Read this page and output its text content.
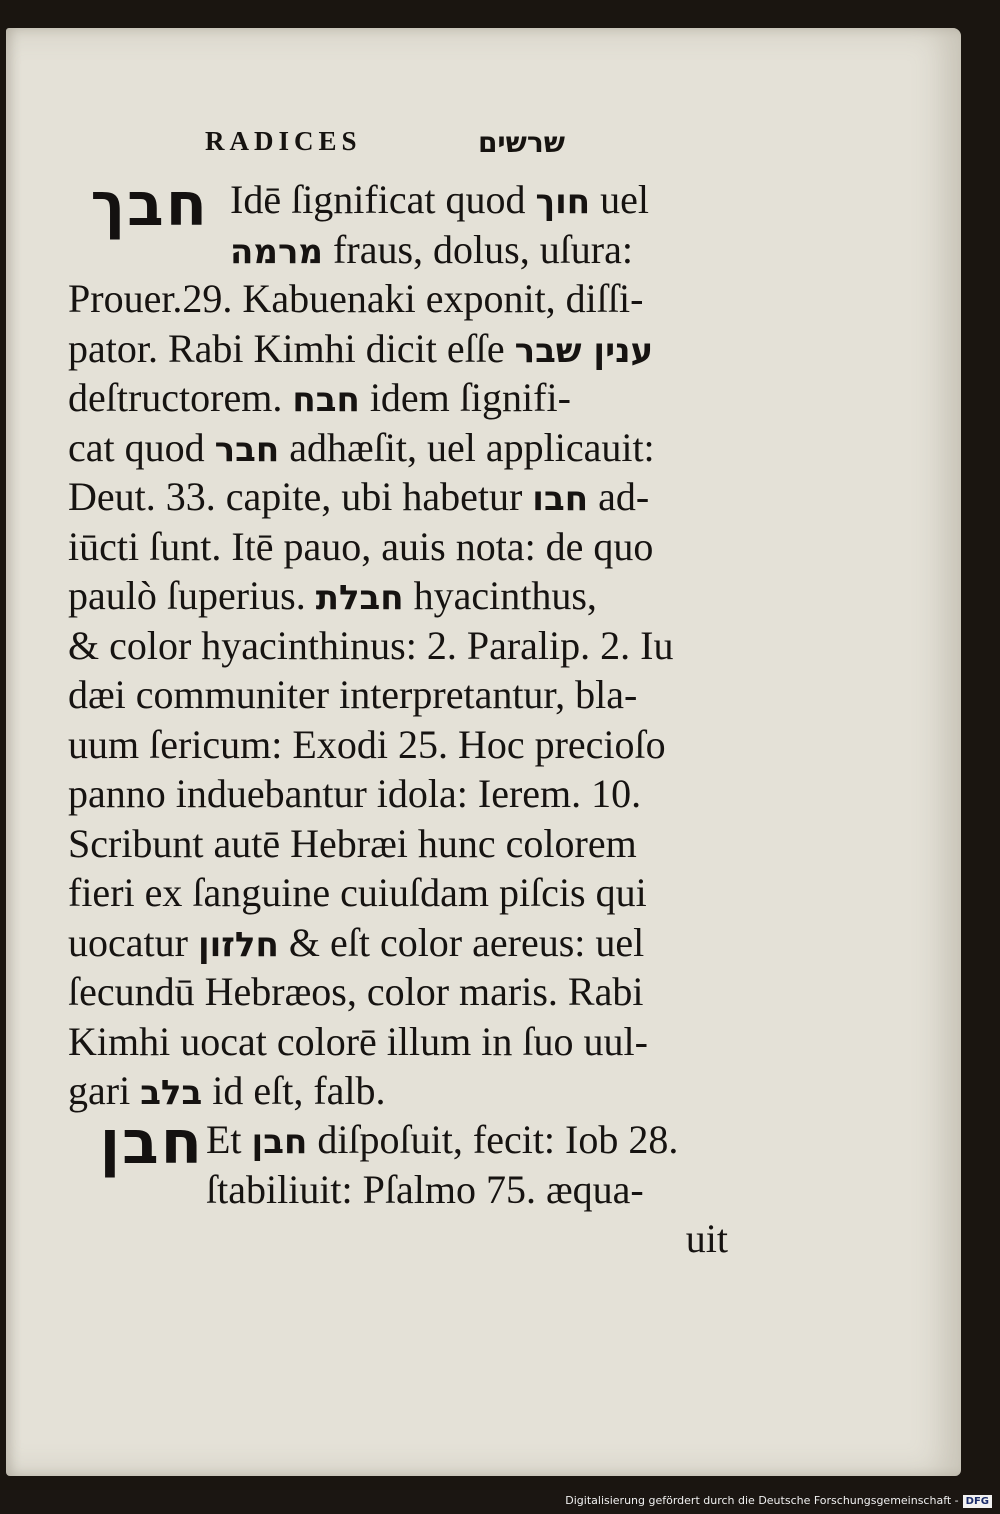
RADICES	שרשים
חבך
חבן
Idē ſignificat quod חוך uel
מרמה fraus, dolus, uſura:
Prouer.29. Kabuenaki exponit, diſſi-
pator. Rabi Kimhi dicit eſſe ענין שבר
deſtructorem. חבח idem ſignifi-
cat quod חבר adhæſit, uel applicauit:
Deut. 33. capite, ubi habetur חבו ad-
iūcti ſunt. Itē pauo, auis nota: de quo
paulò ſuperius. חבלת hyacinthus,
& color hyacinthinus: 2. Paralip. 2. Iu
dæi communiter interpretantur, bla-
uum ſericum: Exodi 25. Hoc precioſo
panno induebantur idola: Ierem. 10.
Scribunt autē Hebræi hunc colorem
fieri ex ſanguine cuiuſdam piſcis qui
uocatur חלזון & eſt color aereus: uel
ſecundū Hebræos, color maris. Rabi
Kimhi uocat colorē illum in ſuo uul-
gari בלב id eſt, falb.
Et חבן diſpoſuit, fecit: Iob 28.
ſtabiliuit: Pſalmo 75. æqua-
uit
Digitalisierung gefördert durch die Deutsche Forschungsgemeinschaft - DFG
